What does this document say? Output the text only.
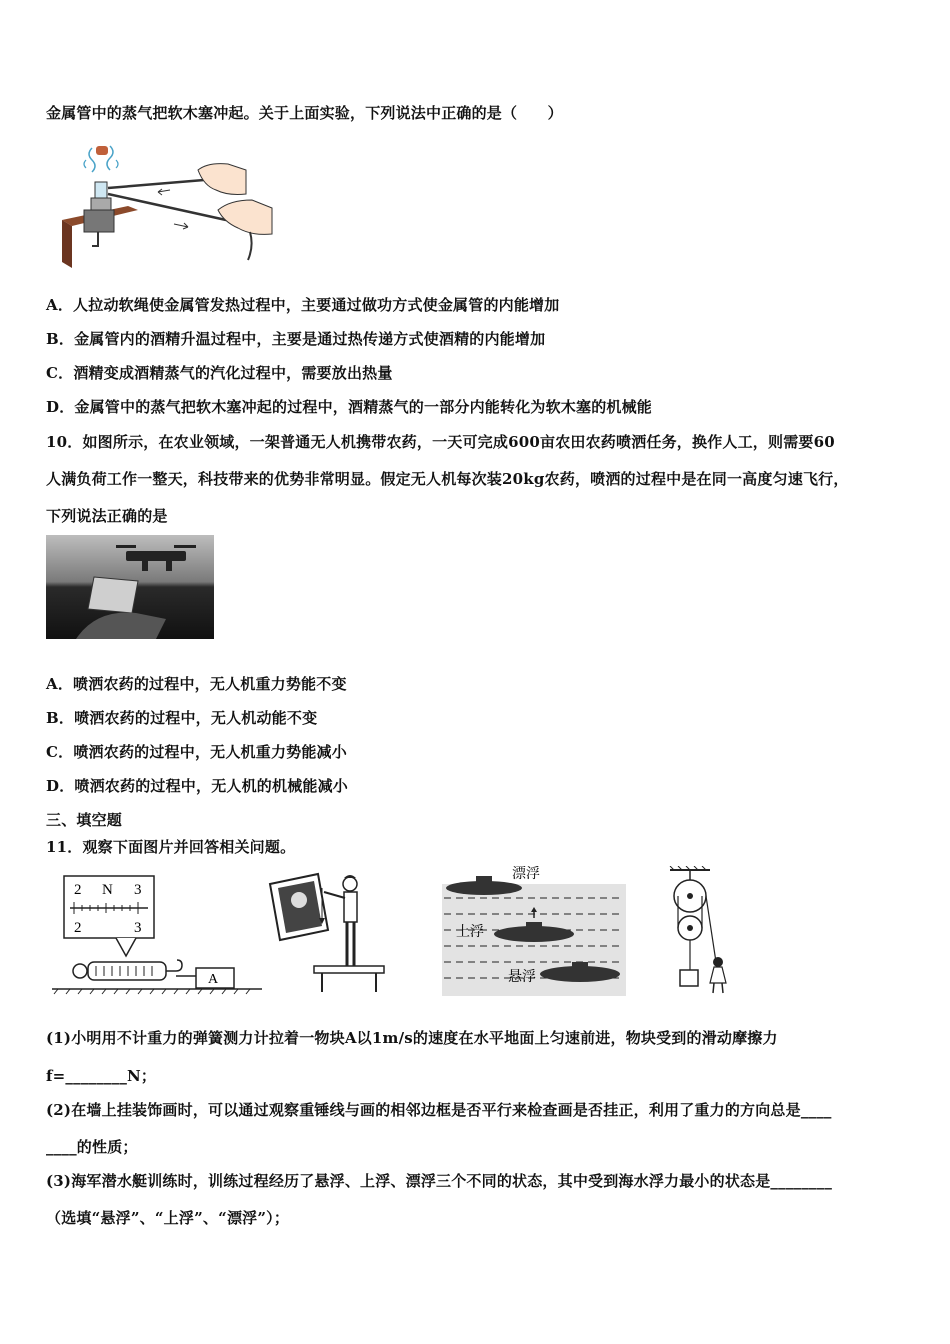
金属管中的蒸气把软木塞冲起。关于上面实验，下列说法中正确的是（　　）
A．人拉动软绳使金属管发热过程中，主要通过做功方式使金属管的内能增加
B．金属管内的酒精升温过程中，主要是通过热传递方式使酒精的内能增加
C．酒精变成酒精蒸气的汽化过程中，需要放出热量
D．金属管中的蒸气把软木塞冲起的过程中，酒精蒸气的一部分内能转化为软木塞的机械能
10．如图所示，在农业领域，一架普通无人机携带农药，一天可完成600亩农田农药喷洒任务，换作人工，则需要60
人满负荷工作一整天，科技带来的优势非常明显。假定无人机每次装20kg农药，喷洒的过程中是在同一高度匀速飞行，
下列说法正确的是
A．喷洒农药的过程中，无人机重力势能不变
B．喷洒农药的过程中，无人机动能不变
C．喷洒农药的过程中，无人机重力势能减小
D．喷洒农药的过程中，无人机的机械能减小
三、填空题
11．观察下面图片并回答相关问题。
2 N 3
2	3
A
漂浮
上浮
悬浮
(1)小明用不计重力的弹簧测力计拉着一物块A以1m/s的速度在水平地面上匀速前进，物块受到的滑动摩擦力
f=________N；
(2)在墙上挂装饰画时，可以通过观察重锤线与画的相邻边框是否平行来检查画是否挂正，利用了重力的方向总是____
____的性质；
(3)海军潜水艇训练时，训练过程经历了悬浮、上浮、漂浮三个不同的状态，其中受到海水浮力最小的状态是________
（选填“悬浮”、“上浮”、“漂浮”）；
